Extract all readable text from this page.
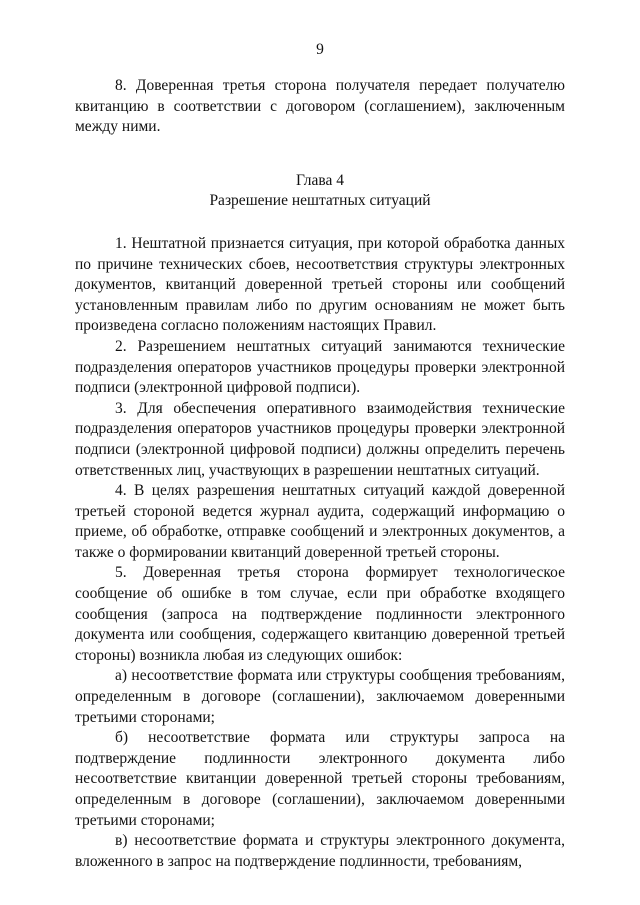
9

8. Доверенная третья сторона получателя передает получателю квитанцию в соответствии с договором (соглашением), заключенным между ними.

Глава 4
Разрешение нештатных ситуаций

1. Нештатной признается ситуация, при которой обработка данных по причине технических сбоев, несоответствия структуры электронных документов, квитанций доверенной третьей стороны или сообщений установленным правилам либо по другим основаниям не может быть произведена согласно положениям настоящих Правил.

2. Разрешением нештатных ситуаций занимаются технические подразделения операторов участников процедуры проверки электронной подписи (электронной цифровой подписи).

3. Для обеспечения оперативного взаимодействия технические подразделения операторов участников процедуры проверки электронной подписи (электронной цифровой подписи) должны определить перечень ответственных лиц, участвующих в разрешении нештатных ситуаций.

4. В целях разрешения нештатных ситуаций каждой доверенной третьей стороной ведется журнал аудита, содержащий информацию о приеме, об обработке, отправке сообщений и электронных документов, а также о формировании квитанций доверенной третьей стороны.

5. Доверенная третья сторона формирует технологическое сообщение об ошибке в том случае, если при обработке входящего сообщения (запроса на подтверждение подлинности электронного документа или сообщения, содержащего квитанцию доверенной третьей стороны) возникла любая из следующих ошибок:

а) несоответствие формата или структуры сообщения требованиям, определенным в договоре (соглашении), заключаемом доверенными третьими сторонами;

б) несоответствие формата или структуры запроса на подтверждение подлинности электронного документа либо несоответствие квитанции доверенной третьей стороны требованиям, определенным в договоре (соглашении), заключаемом доверенными третьими сторонами;

в) несоответствие формата и структуры электронного документа, вложенного в запрос на подтверждение подлинности, требованиям,
